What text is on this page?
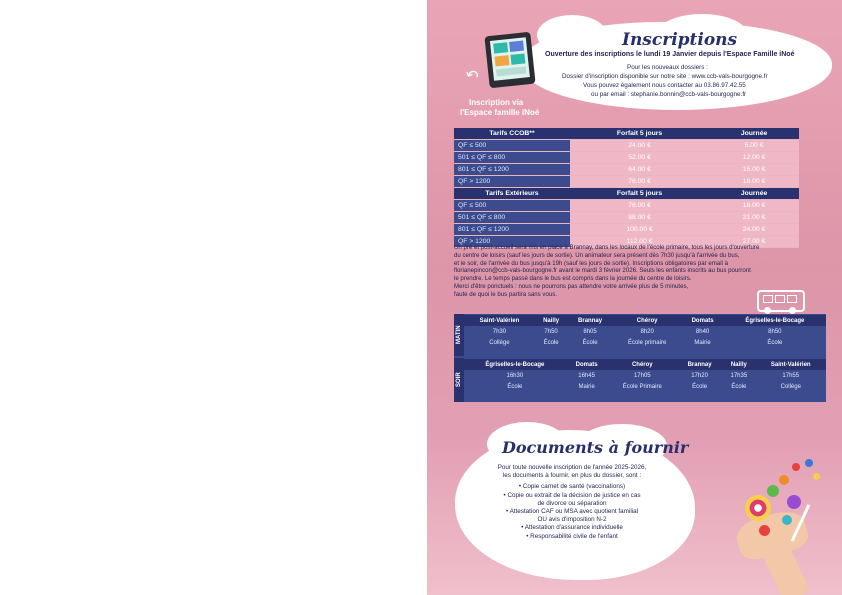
↶
Inscription via
l'Espace famille iNoé
Inscriptions
Ouverture des inscriptions le lundi 19 Janvier depuis l'Espace Famille iNoé
Pour les nouveaux dossiers :
Dossier d'inscription disponible sur notre site : www.ccb-vals-bourgogne.fr
Vous pouvez également nous contacter au 03.86.97.42.55
ou par email : stephanie.bonnin@ccb-vals-bourgogne.fr
Tarifs CCOB**	Forfait 5 jours	Journée
QF ≤ 500	24.00 €	5.00 €
501 ≤ QF ≤ 800	52.00 €	12.00 €
801 ≤ QF ≤ 1200	64.00 €	15.00 €
QF > 1200	76.00 €	18.00 €
Tarifs Extérieurs	Forfait 5 jours	Journée
QF ≤ 500	76.00 €	18.00 €
501 ≤ QF ≤ 800	88.00 €	21.00 €
801 ≤ QF ≤ 1200	100.00 €	24.00 €
QF > 1200	112.00 €	27.00 €
Un pré et post-accueil sera mis en place à Brannay, dans les locaux de l'école primaire, tous les jours d'ouverture
du centre de loisirs (sauf les jours de sortie). Un animateur sera présent dès 7h30 jusqu'à l'arrivée du bus,
et le soir, de l'arrivée du bus jusqu'à 19h (sauf les jours de sortie). Inscriptions obligatoires par email à
florianepincon@ccb-vals-bourgogne.fr avant le mardi 3 février 2026. Seuls les enfants inscrits au bus pourront
le prendre. Le temps passé dans le bus est compris dans la journée du centre de loisirs.
Merci d'être ponctuels : nous ne pourrons pas attendre votre arrivée plus de 5 minutes,
faute de quoi le bus partira sans vous.
MATIN
SOIR
Saint-Valérien	Nailly	Brannay	Chéroy	Domats	Égriselles-le-Bocage
7h30	7h50	8h05	8h20	8h40	8h50
Collège	École	École	École primaire	Mairie	École
Égriselles-le-Bocage	Domats	Chéroy	Brannay	Nailly	Saint-Valérien
16h30	16h45	17h05	17h20	17h35	17h55
École	Mairie	École Primaire	École	École	Collège
Documents à fournir
Pour toute nouvelle inscription de l'année 2025-2026,
les documents à fournir, en plus du dossier, sont :
• Copie carnet de santé (vaccinations)
• Copie ou extrait de la décision de justice en cas
de divorce ou séparation
• Attestation CAF ou MSA avec quotient familial
OU avis d'imposition N-2
• Attestation d'assurance individuelle
• Responsabilité civile de l'enfant
